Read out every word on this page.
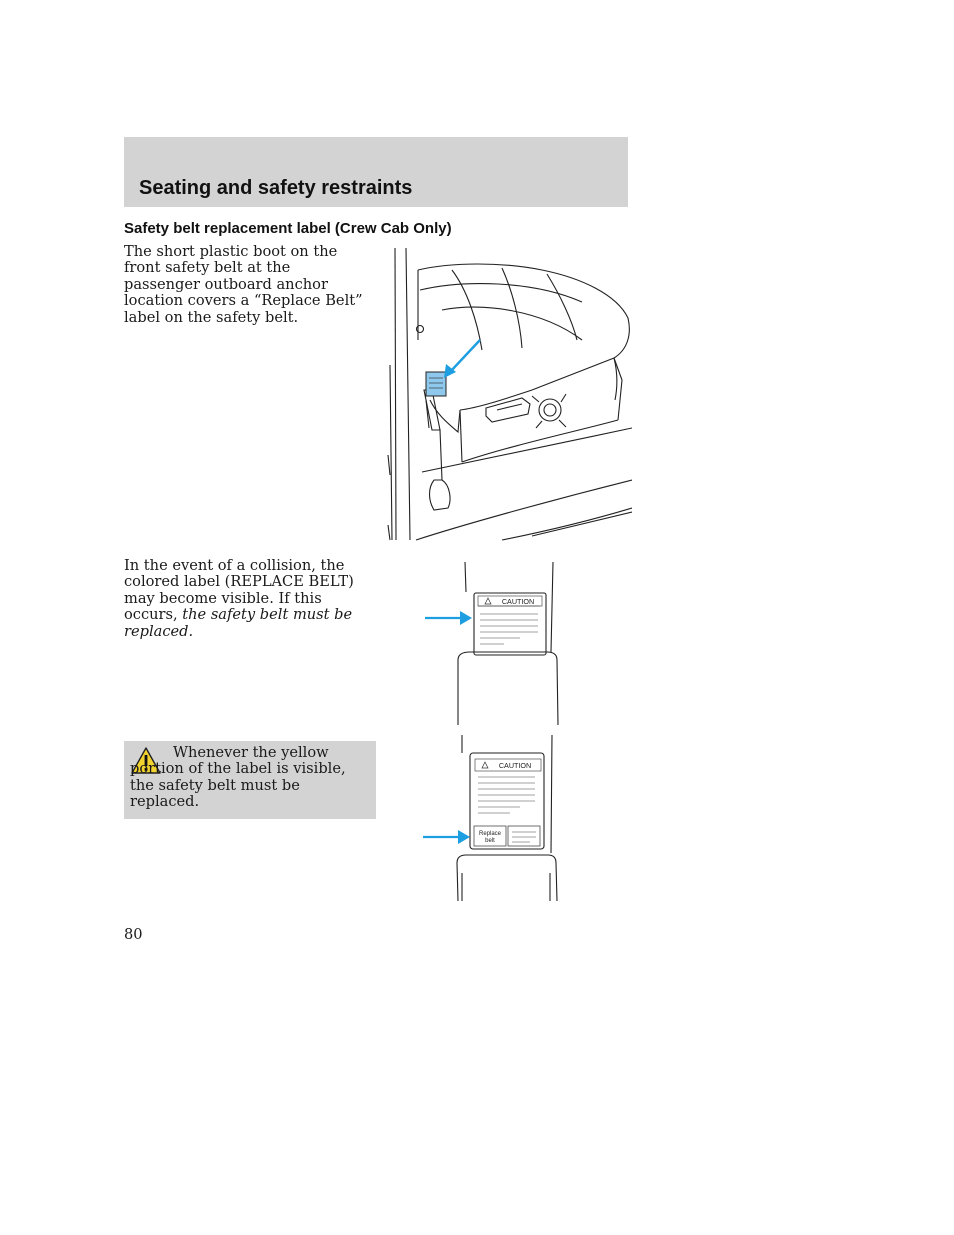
Seating and safety restraints
Safety belt replacement label (Crew Cab Only)

The short plastic boot on the front safety belt at the passenger outboard anchor location covers a “Replace Belt” label on the safety belt.

In the event of a collision, the colored label (REPLACE BELT) may become visible. If this occurs, the safety belt must be replaced.

CAUTION

Whenever the yellow portion of the label is visible, the safety belt must be replaced.

CAUTION
Replace
belt

80
